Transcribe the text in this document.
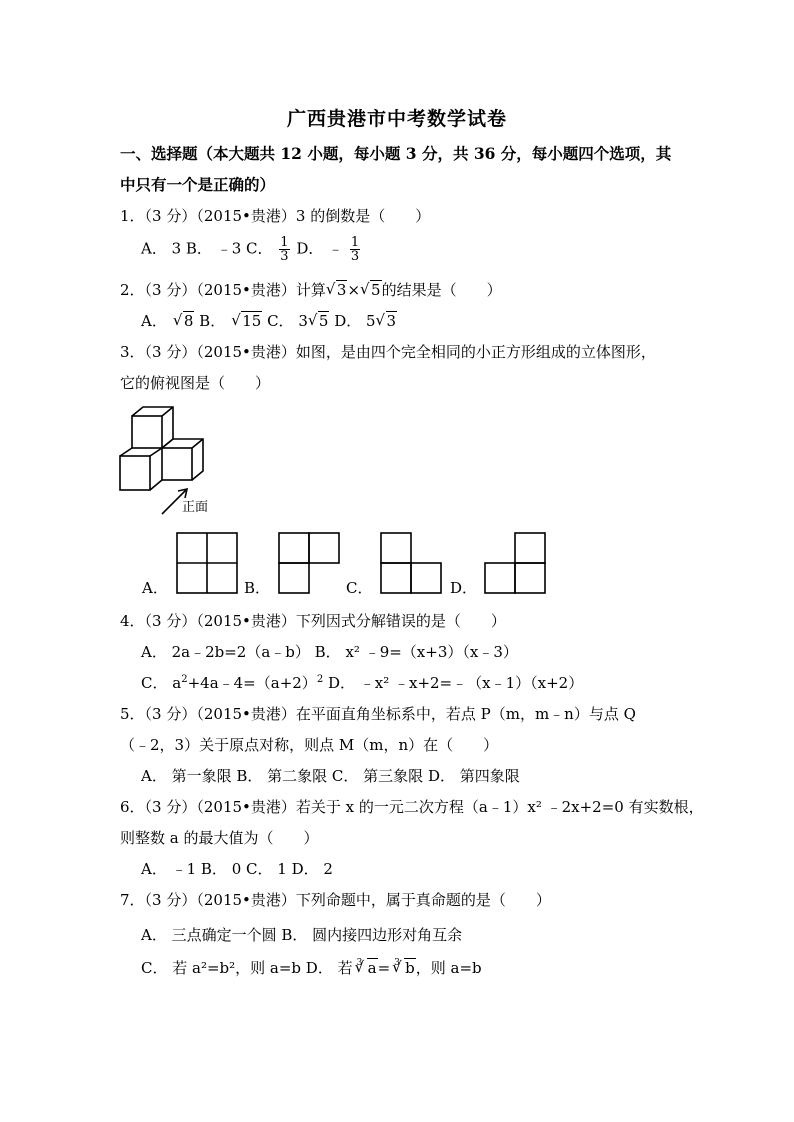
广西贵港市中考数学试卷
一、选择题（本大题共 12 小题，每小题 3 分，共 36 分，每小题四个选项，其
中只有一个是正确的）
1．（3 分）（2015•贵港）3 的倒数是（　　）
A． 3 B． ﹣3 C． $\frac{1}{3}$ D． ﹣ $\frac{1}{3}$
2．（3 分）（2015•贵港）计算 √ 3× √ 5的结果是（　　）
A． √ 8 B． √ 15 C． 3 √ 5 D． 5 √ 3
3．（3 分）（2015•贵港）如图，是由四个完全相同的小正方形组成的立体图形，
它的俯视图是（　　）
正面
A．	B．	C．	D．
4．（3 分）（2015•贵港）下列因式分解错误的是（　　）
A． 2a﹣2b=2（a﹣b） B． x² ﹣9=（x+3）（x﹣3）
C． $a^2+4a﹣4=(a+2)^2$ D． ﹣x² ﹣x+2=﹣（x﹣1）（x+2）
5．（3 分）（2015•贵港）在平面直角坐标系中，若点 P（m，m﹣n）与点 Q
（﹣2，3）关于原点对称，则点 M（m，n）在（　　）
A． 第一象限 B． 第二象限 C． 第三象限 D． 第四象限
6．（3 分）（2015•贵港）若关于 x 的一元二次方程（a﹣1）x² ﹣2x+2=0 有实数根，
则整数 a 的最大值为（　　）
A． ﹣1 B． 0 C． 1 D． 2
7．（3 分）（2015•贵港）下列命题中，属于真命题的是（　　）
A． 三点确定一个圆 B． 圆内接四边形对角互余
C． 若 a²=b²，则 a=b D． 若 √ 3 a= √ 3 b，则 a=b
